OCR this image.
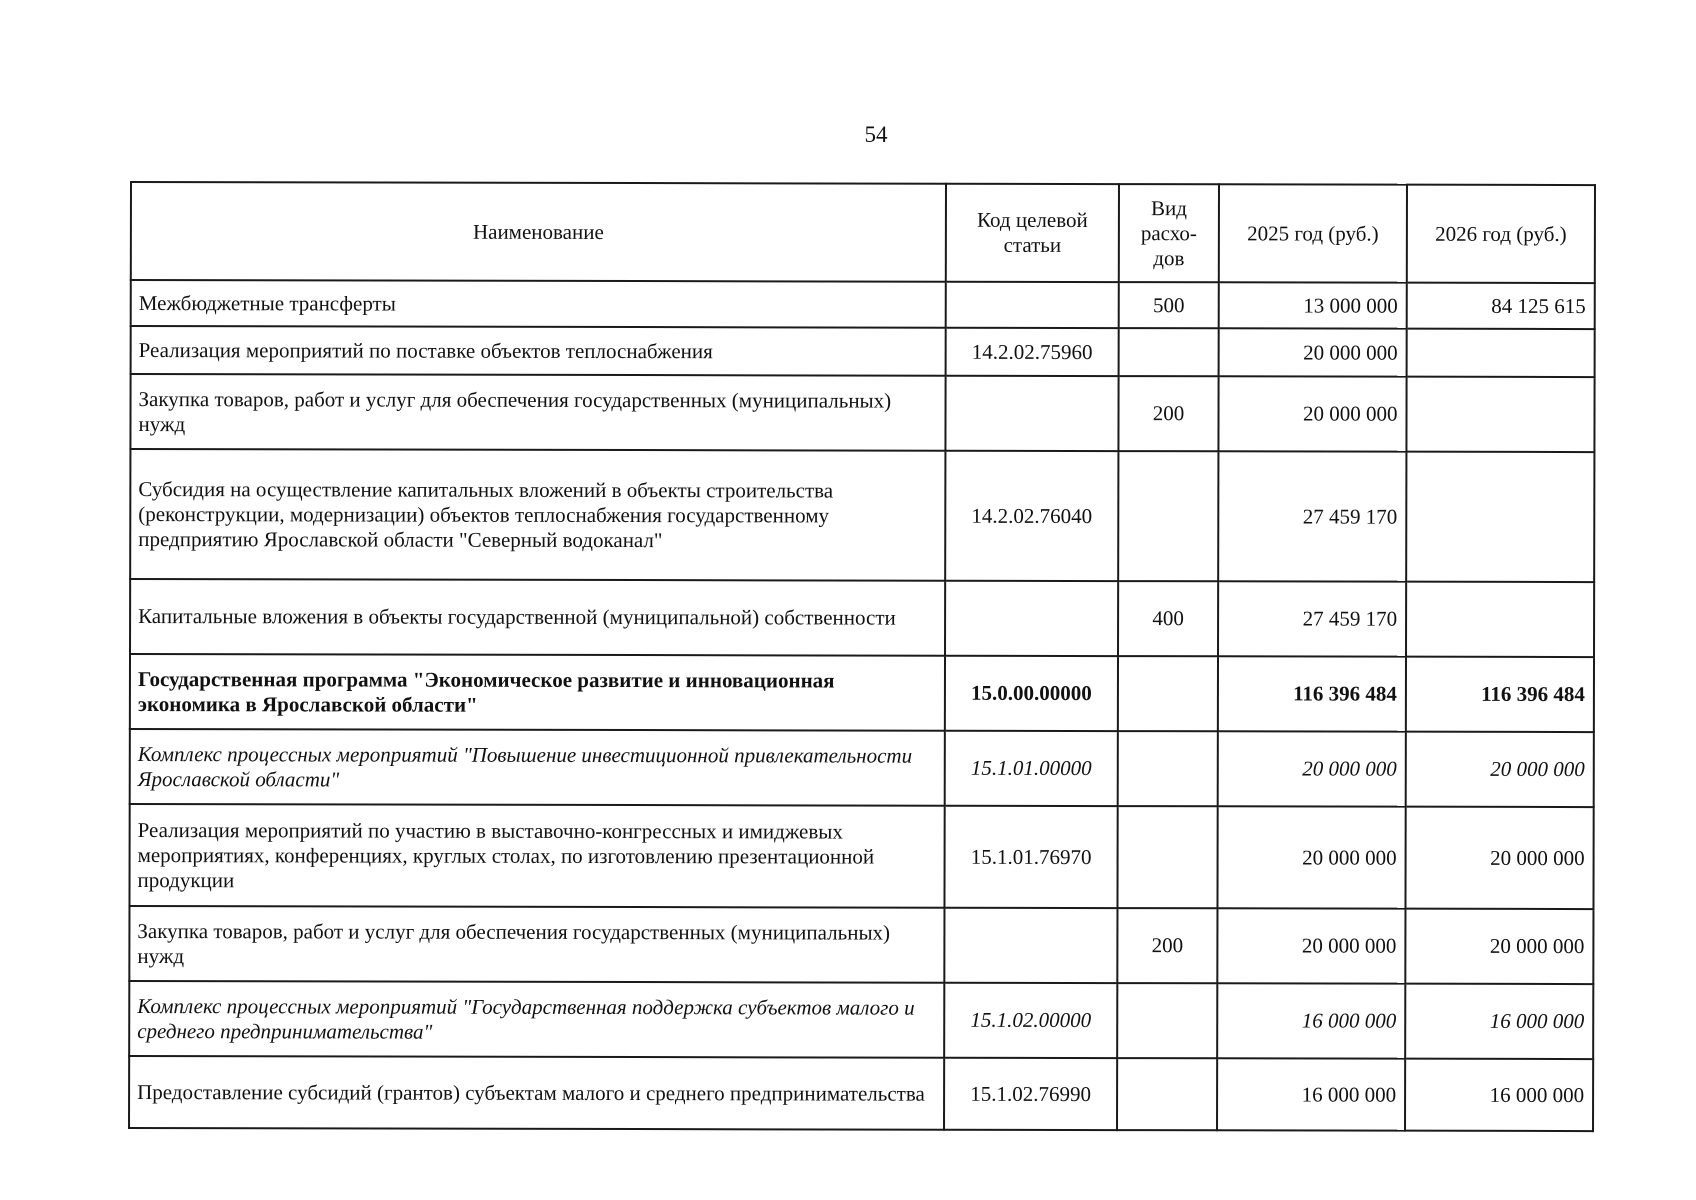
54
Наименование	Код целевой статьи	Вид расхо-дов	2025 год (руб.)	2026 год (руб.)
Межбюджетные трансферты		500	13 000 000	84 125 615
Реализация мероприятий по поставке объектов теплоснабжения	14.2.02.75960		20 000 000	
Закупка товаров, работ и услуг для обеспечения государственных (муниципальных) нужд		200	20 000 000	
Субсидия на осуществление капитальных вложений в объекты строительства (реконструкции, модернизации) объектов теплоснабжения государственному предприятию Ярославской области "Северный водоканал"	14.2.02.76040		27 459 170	
Капитальные вложения в объекты государственной (муниципальной) собственности		400	27 459 170	
Государственная программа "Экономическое развитие и инновационная экономика в Ярославской области"	15.0.00.00000		116 396 484	116 396 484
Комплекс процессных мероприятий "Повышение инвестиционной привлекательности Ярославской области"	15.1.01.00000		20 000 000	20 000 000
Реализация мероприятий по участию в выставочно-конгрессных и имиджевых мероприятиях, конференциях, круглых столах, по изготовлению презентационной продукции	15.1.01.76970		20 000 000	20 000 000
Закупка товаров, работ и услуг для обеспечения государственных (муниципальных) нужд		200	20 000 000	20 000 000
Комплекс процессных мероприятий "Государственная поддержка субъектов малого и среднего предпринимательства"	15.1.02.00000		16 000 000	16 000 000
Предоставление субсидий (грантов) субъектам малого и среднего предпринимательства	15.1.02.76990		16 000 000	16 000 000
